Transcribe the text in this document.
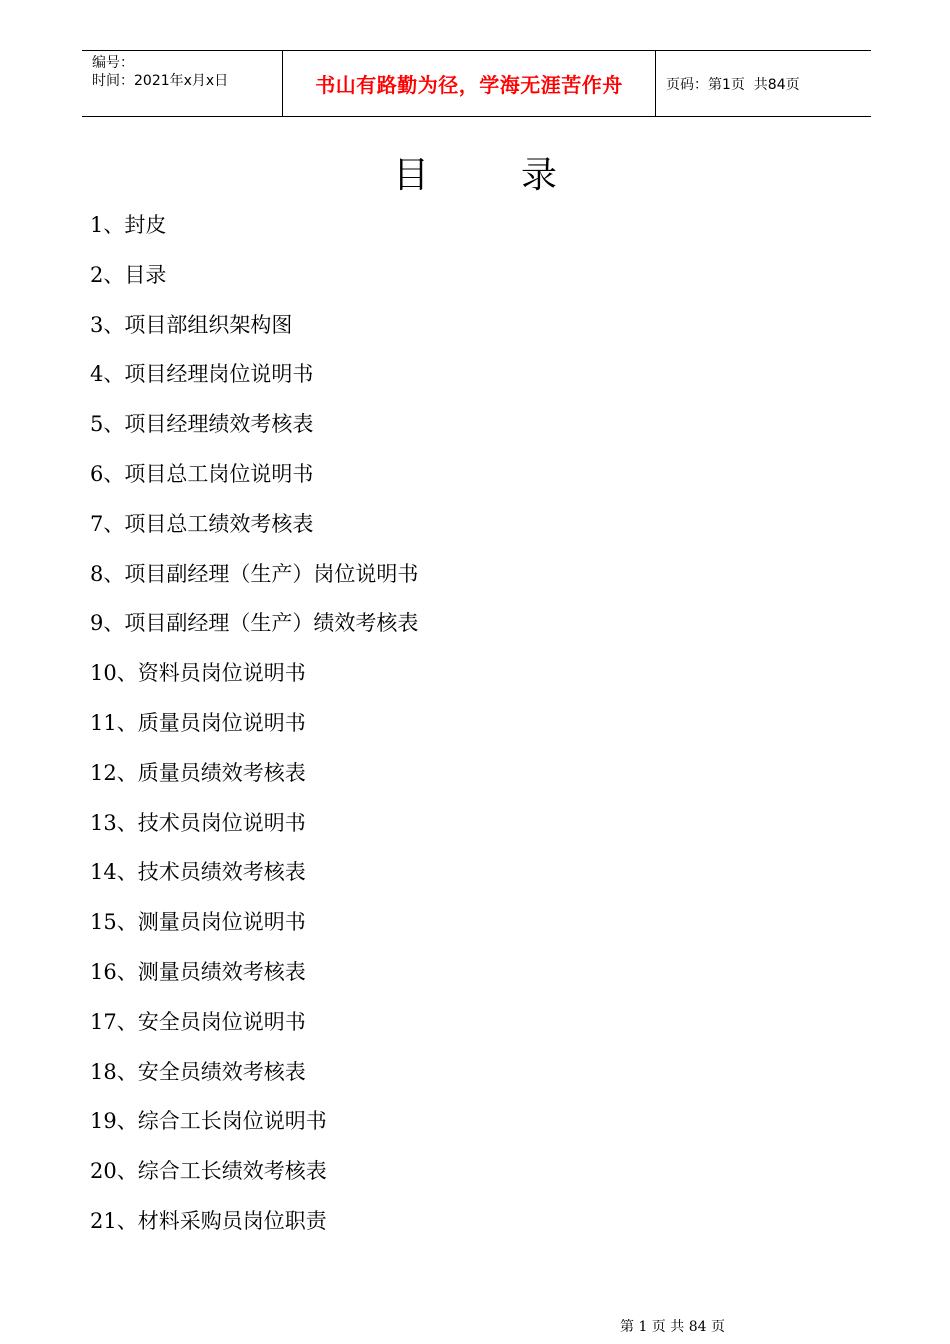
编号：
时间：2021年x月x日	书山有路勤为径，学海无涯苦作舟	页码：第1页  共84页
目	录
1、封皮
2、目录
3、项目部组织架构图
4、项目经理岗位说明书
5、项目经理绩效考核表
6、项目总工岗位说明书
7、项目总工绩效考核表
8、项目副经理（生产）岗位说明书
9、项目副经理（生产）绩效考核表
10、资料员岗位说明书
11、质量员岗位说明书
12、质量员绩效考核表
13、技术员岗位说明书
14、技术员绩效考核表
15、测量员岗位说明书
16、测量员绩效考核表
17、安全员岗位说明书
18、安全员绩效考核表
19、综合工长岗位说明书
20、综合工长绩效考核表
21、材料采购员岗位职责
第 1 页 共 84 页
